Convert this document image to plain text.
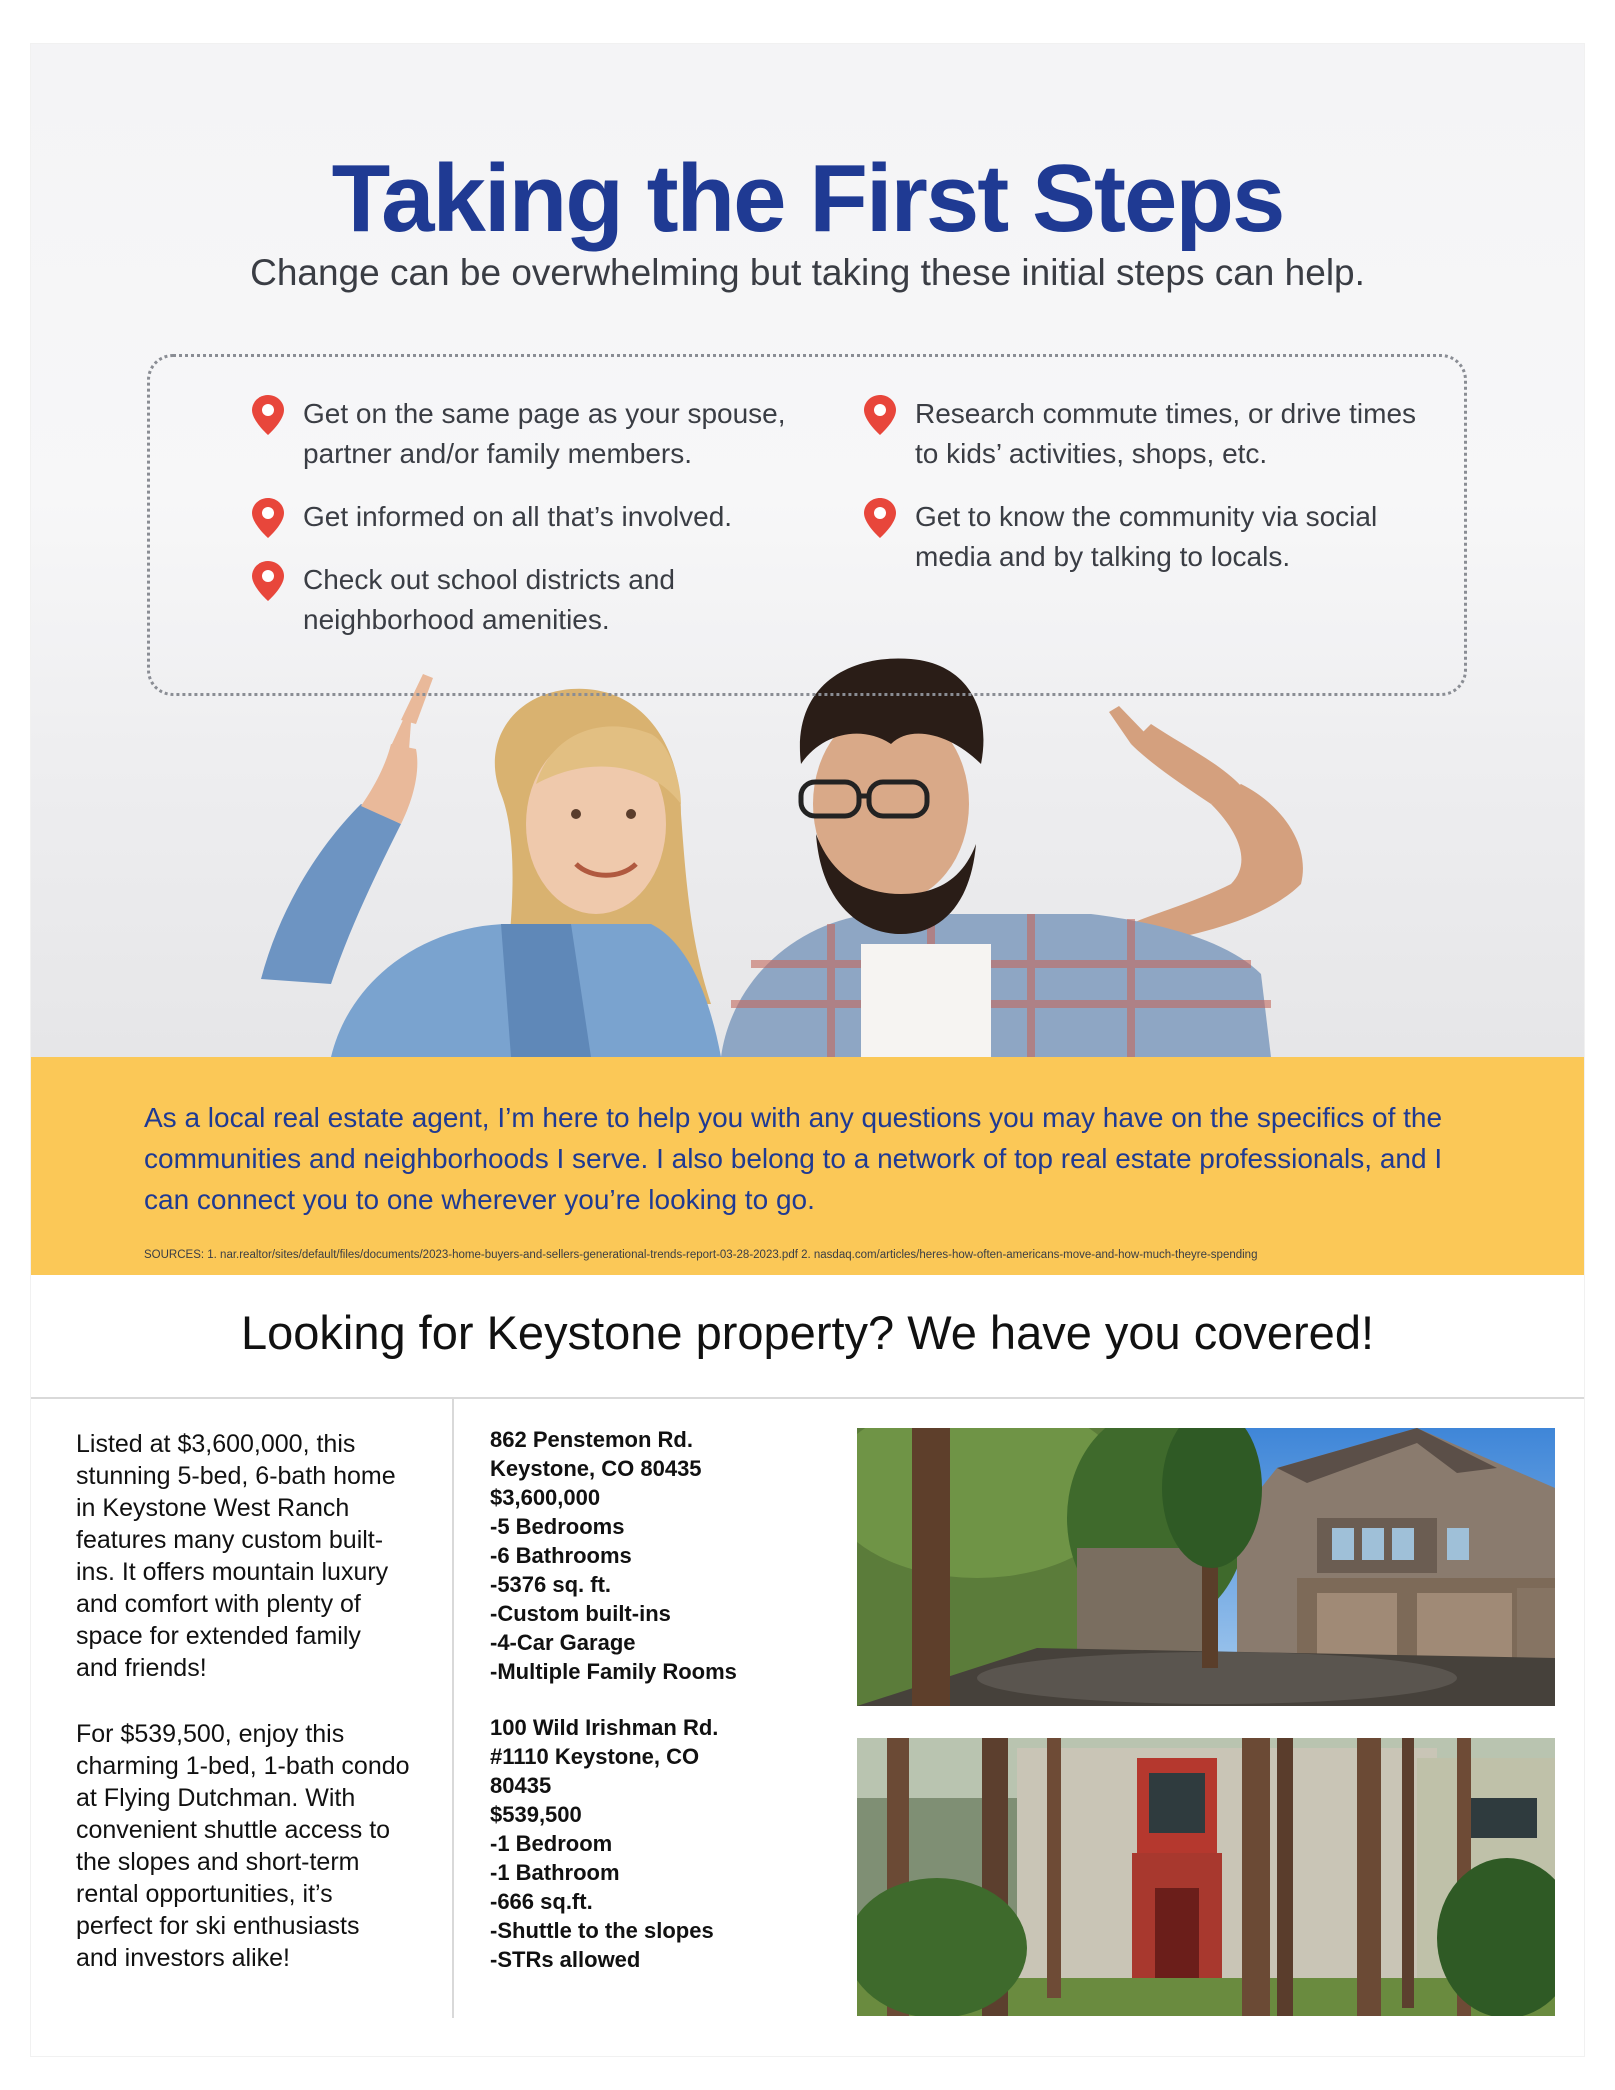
Taking the First Steps
Change can be overwhelming but taking these initial steps can help.
Get on the same page as your spouse,
partner and/or family members.
Get informed on all that’s involved.
Check out school districts and
neighborhood amenities.
Research commute times, or drive times
to kids’ activities, shops, etc.
Get to know the community via social
media and by talking to locals.
As a local real estate agent, I’m here to help you with any questions you may have on the specifics of the
communities and neighborhoods I serve. I also belong to a network of top real estate professionals, and I
can connect you to one wherever you’re looking to go.
SOURCES: 1. nar.realtor/sites/default/files/documents/2023-home-buyers-and-sellers-generational-trends-report-03-28-2023.pdf 2. nasdaq.com/articles/heres-how-often-americans-move-and-how-much-theyre-spending
Looking for Keystone property? We have you covered!
Listed at $3,600,000, this
stunning 5-bed, 6-bath home
in Keystone West Ranch
features many custom built-
ins. It offers mountain luxury
and comfort with plenty of
space for extended family
and friends!
For $539,500, enjoy this
charming 1-bed, 1-bath condo
at Flying Dutchman. With
convenient shuttle access to
the slopes and short-term
rental opportunities, it’s
perfect for ski enthusiasts
and investors alike!
862 Penstemon Rd.
Keystone, CO 80435
$3,600,000
-5 Bedrooms
-6 Bathrooms
-5376 sq. ft.
-Custom built-ins
-4-Car Garage
-Multiple Family Rooms
100 Wild Irishman Rd.
#1110 Keystone, CO
80435
$539,500
-1 Bedroom
-1 Bathroom
-666 sq.ft.
-Shuttle to the slopes
-STRs allowed
